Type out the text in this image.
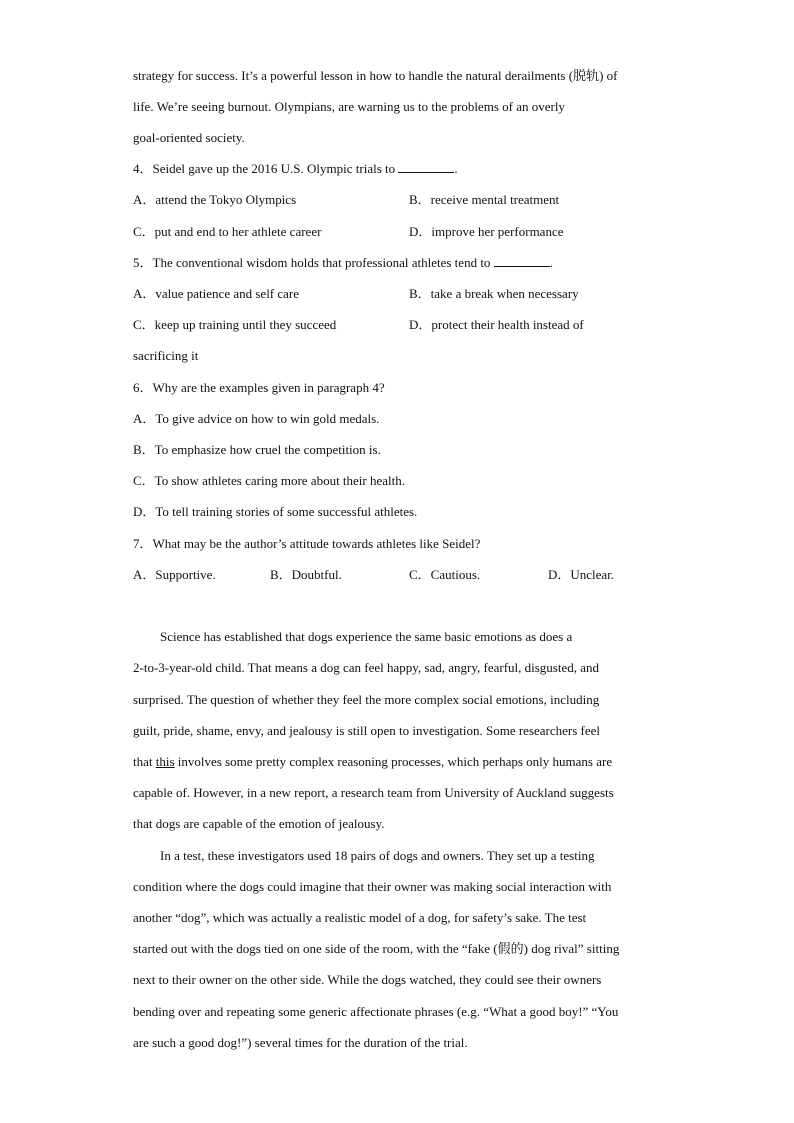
strategy for success. It’s a powerful lesson in how to handle the natural derailments (脱轨) of
life. We’re seeing burnout. Olympians, are warning us to the problems of an overly
goal-oriented society.
4．Seidel gave up the 2016 U.S. Olympic trials to	.
A．attend the Tokyo Olympics	B．receive mental treatment
C．put and end to her athlete career	D．improve her performance
5．The conventional wisdom holds that professional athletes tend to	.
A．value patience and self care	B．take a break when necessary
C．keep up training until they succeed	D．protect their health instead of
sacrificing it
6．Why are the examples given in paragraph 4?
A．To give advice on how to win gold medals.
B．To emphasize how cruel the competition is.
C．To show athletes caring more about their health.
D．To tell training stories of some successful athletes.
7．What may be the author’s attitude towards athletes like Seidel?
A．Supportive.	B．Doubtful.	C．Cautious.	D．Unclear.
Science has established that dogs experience the same basic emotions as does a
2-to-3-year-old child. That means a dog can feel happy, sad, angry, fearful, disgusted, and
surprised. The question of whether they feel the more complex social emotions, including
guilt, pride, shame, envy, and jealousy is still open to investigation. Some researchers feel
that this involves some pretty complex reasoning processes, which perhaps only humans are
capable of. However, in a new report, a research team from University of Auckland suggests
that dogs are capable of the emotion of jealousy.
In a test, these investigators used 18 pairs of dogs and owners. They set up a testing
condition where the dogs could imagine that their owner was making social interaction with
another “dog”, which was actually a realistic model of a dog, for safety’s sake. The test
started out with the dogs tied on one side of the room, with the “fake (假的) dog rival” sitting
next to their owner on the other side. While the dogs watched, they could see their owners
bending over and repeating some generic affectionate phrases (e.g. “What a good boy!” “You
are such a good dog!”) several times for the duration of the trial.
